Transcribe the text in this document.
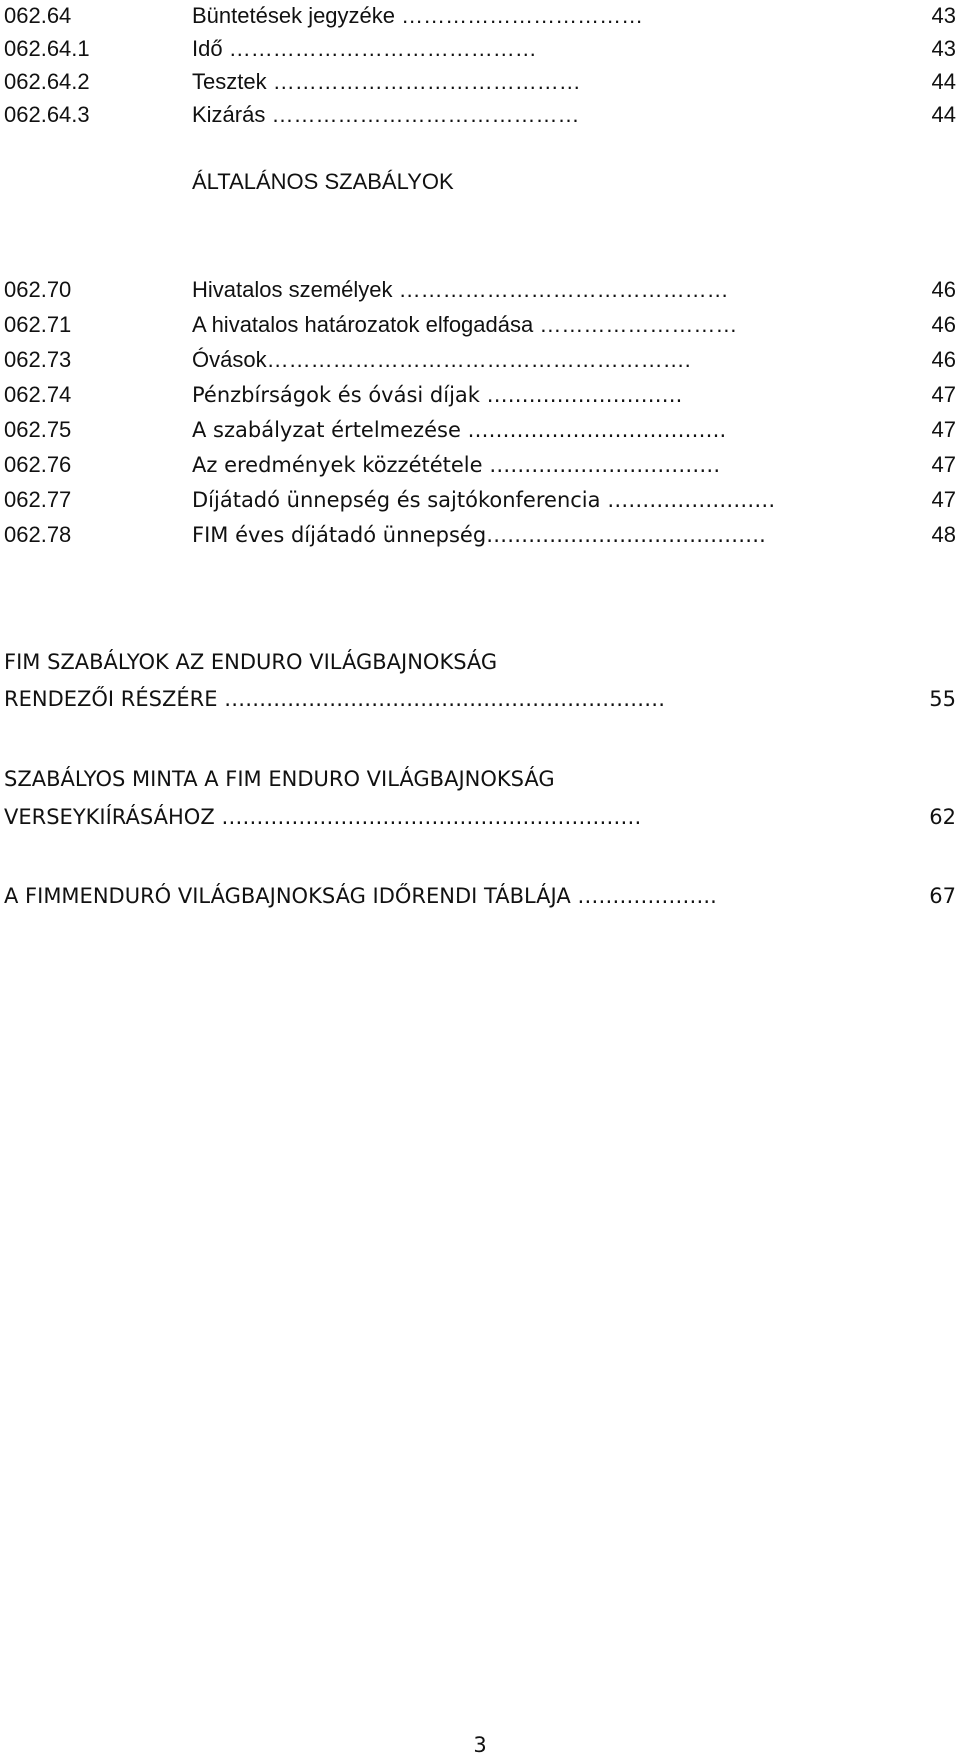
062.64	Büntetések jegyzéke ……………………………	43
062.64.1	Idő ……………………………………	43
062.64.2	Tesztek ……………………………………	44
062.64.3	Kizárás ……………………………………	44
ÁLTALÁNOS SZABÁLYOK
062.70	Hivatalos személyek ………………………………………	46
062.71	A hivatalos határozatok elfogadása ………………………	46
062.73	Óvások………………………………………………….	46
062.74	Pénzbírságok és óvási díjak ……………………….	47
062.75	A szabályzat értelmezése ……………………………….	47
062.76	Az eredmények közzététele ……………………………	47
062.77	Díjátadó ünnepség és sajtókonferencia ……………………	47
062.78	FIM éves díjátadó ünnepség………………………………….	48
FIM SZABÁLYOK AZ ENDURO VILÁGBAJNOKSÁG
RENDEZŐI RÉSZÉRE ………………………………………………………	55
SZABÁLYOS MINTA A FIM ENDURO VILÁGBAJNOKSÁG
VERSEYKIÍRÁSÁHOZ ……………………………………………………	62
A FIMMENDURÓ VILÁGBAJNOKSÁG IDŐRENDI TÁBLÁJA ………………..	67
3
